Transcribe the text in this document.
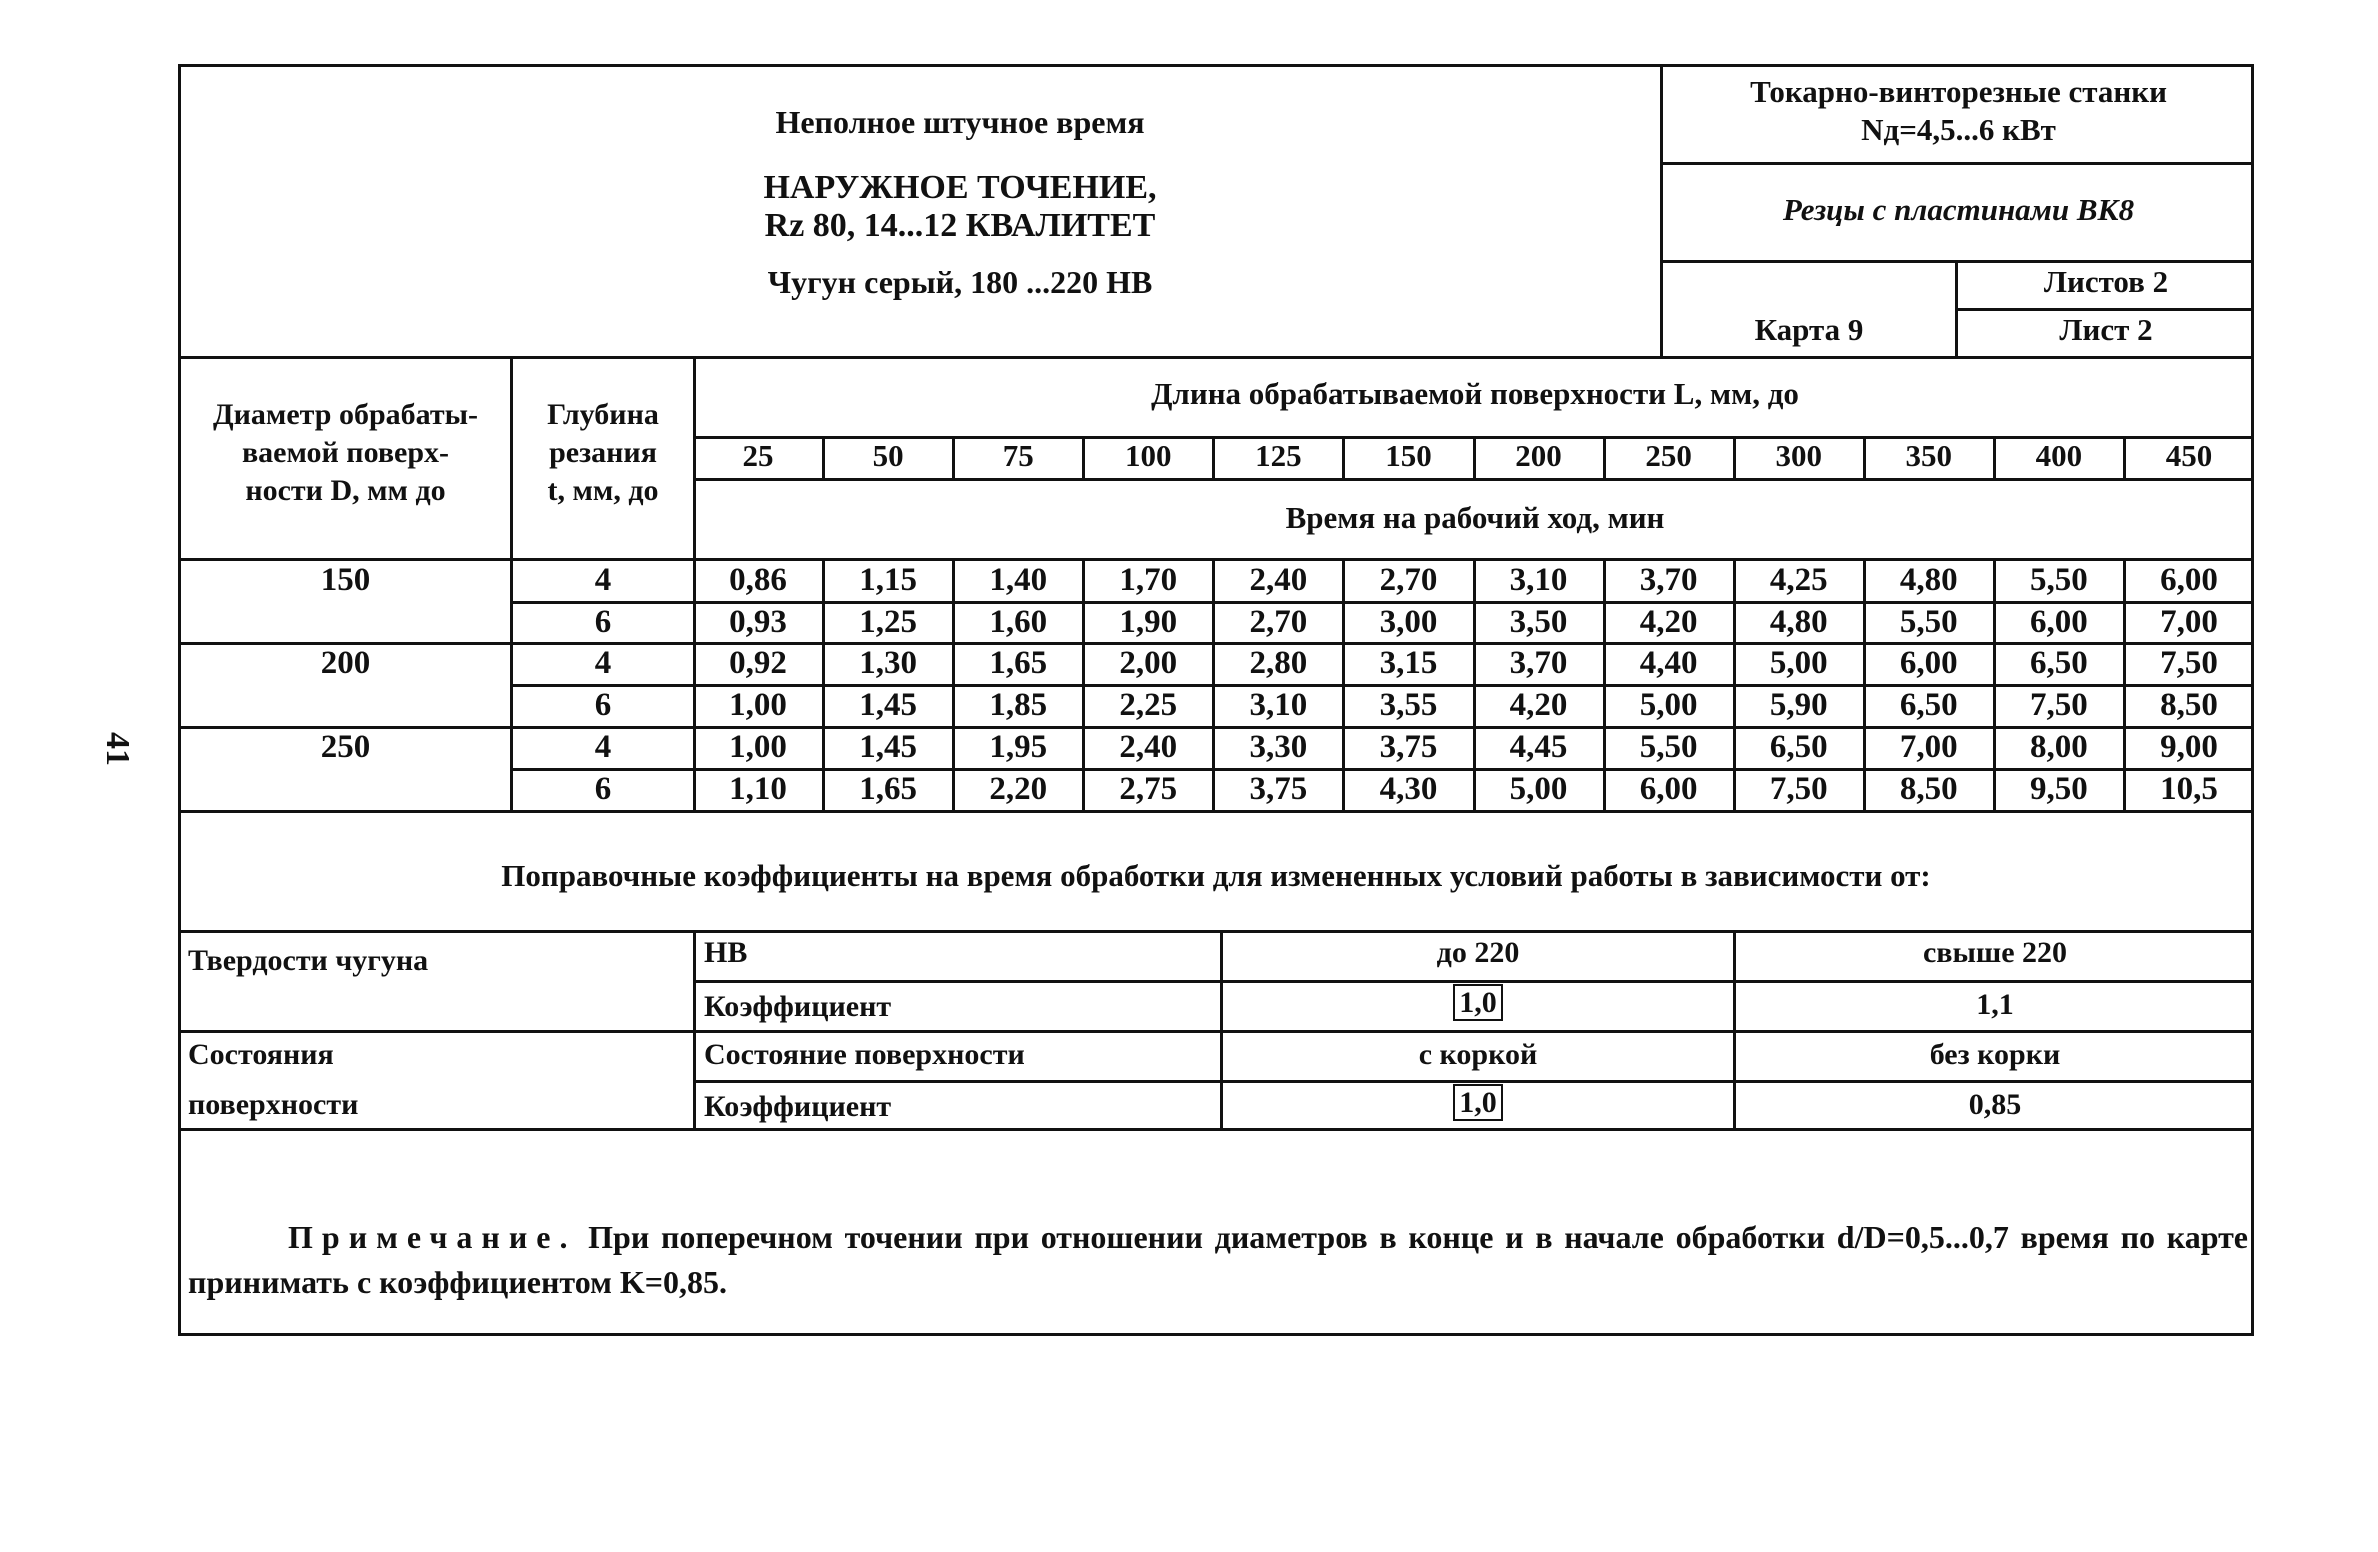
41
Неполное штучное время
НАРУЖНОЕ ТОЧЕНИЕ,
Rz 80, 14...12 КВАЛИТЕТ
Чугун серый, 180 ...220 НВ
Токарно-винторезные станки
Nд=4,5...6 кВт
Резцы с пластинами ВК8
Листов 2
Карта 9	Лист 2
Диаметр обрабаты-
ваемой поверх-
ности D, мм до
Глубина
резания
t, мм, до
Длина обрабатываемой поверхности L, мм, до
Время на рабочий ход, мин
25	50	75	100	125	150	200	250	300	350	400	450
150	4	0,86	1,15	1,40	1,70	2,40	2,70	3,10	3,70	4,25	4,80	5,50	6,00
6	0,93	1,25	1,60	1,90	2,70	3,00	3,50	4,20	4,80	5,50	6,00	7,00
200	4	0,92	1,30	1,65	2,00	2,80	3,15	3,70	4,40	5,00	6,00	6,50	7,50
6	1,00	1,45	1,85	2,25	3,10	3,55	4,20	5,00	5,90	6,50	7,50	8,50
250	4	1,00	1,45	1,95	2,40	3,30	3,75	4,45	5,50	6,50	7,00	8,00	9,00
6	1,10	1,65	2,20	2,75	3,75	4,30	5,00	6,00	7,50	8,50	9,50	10,5
Поправочные коэффициенты на время обработки для измененных условий работы в зависимости от:
Твердости чугуна	НВ	до 220	свыше 220
Коэффициент	1,0	1,1
Состояния
поверхности
Состояние поверхности	с коркой	без корки
Коэффициент	1,0	0,85
Примечание. При поперечном точении при отношении диаметров в конце и в начале обработки d/D=0,5...0,7 время по карте принимать с коэффициентом K=0,85.
